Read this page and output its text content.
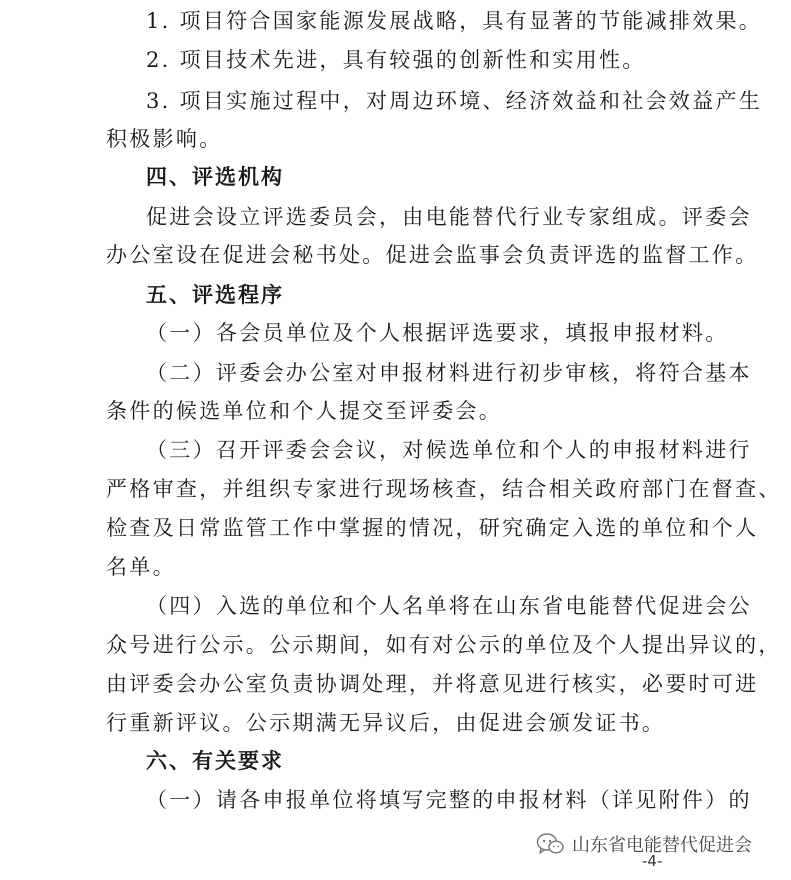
1. 项目符合国家能源发展战略，具有显著的节能减排效果。
2. 项目技术先进，具有较强的创新性和实用性。
3. 项目实施过程中，对周边环境、经济效益和社会效益产生
积极影响。
四、评选机构
促进会设立评选委员会，由电能替代行业专家组成。评委会
办公室设在促进会秘书处。促进会监事会负责评选的监督工作。
五、评选程序
（一）各会员单位及个人根据评选要求，填报申报材料。
（二）评委会办公室对申报材料进行初步审核，将符合基本
条件的候选单位和个人提交至评委会。
（三）召开评委会会议，对候选单位和个人的申报材料进行
严格审查，并组织专家进行现场核查，结合相关政府部门在督查、
检查及日常监管工作中掌握的情况，研究确定入选的单位和个人
名单。
（四）入选的单位和个人名单将在山东省电能替代促进会公
众号进行公示。公示期间，如有对公示的单位及个人提出异议的，
由评委会办公室负责协调处理，并将意见进行核实，必要时可进
行重新评议。公示期满无异议后，由促进会颁发证书。
六、有关要求
（一）请各申报单位将填写完整的申报材料（详见附件）的
山东省电能替代促进会
-4-
